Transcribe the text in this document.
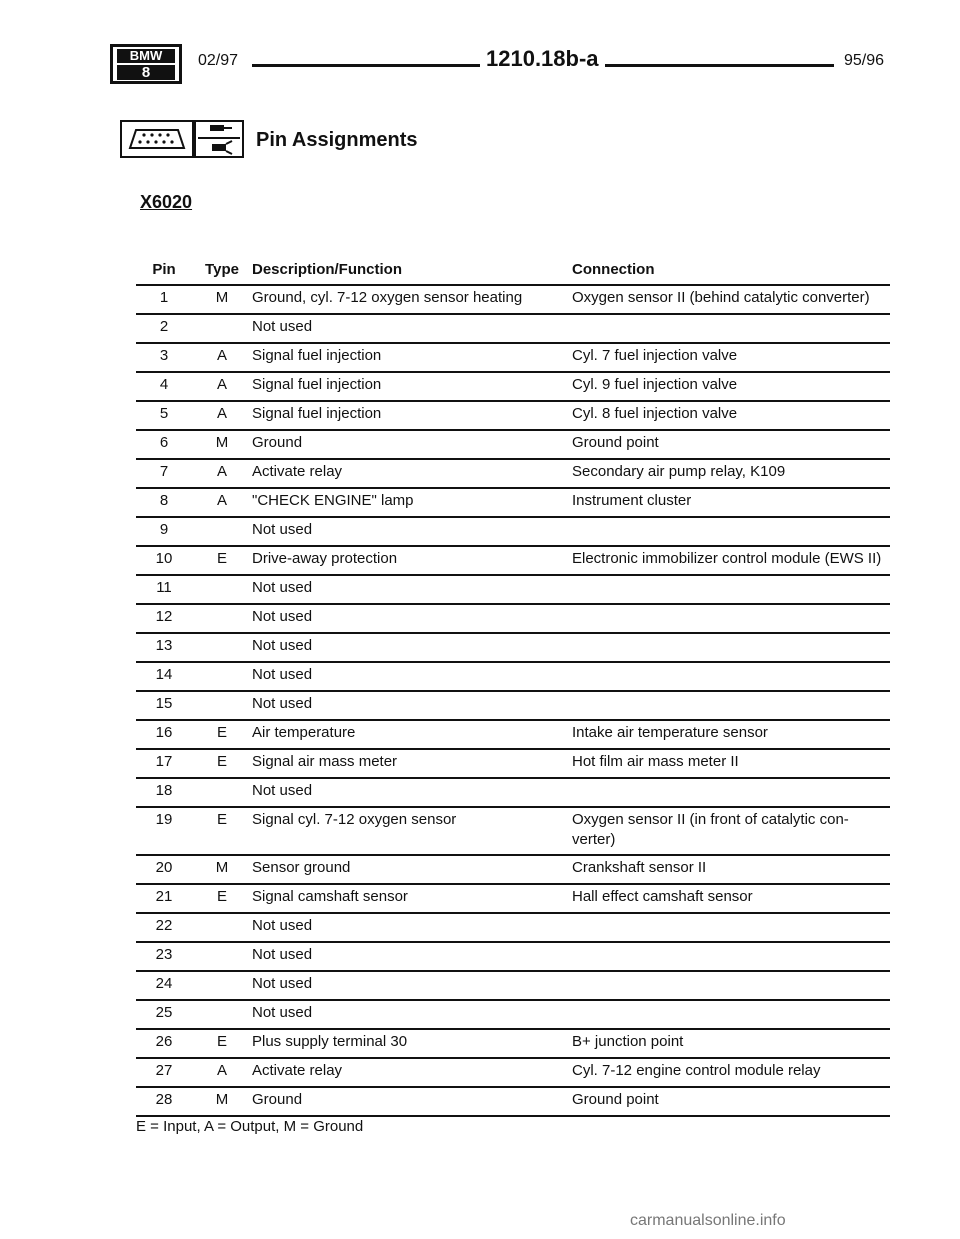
BMW
8
02/97	1210.18b-a	95/96
Pin Assignments
X6020
Pin	Type	Description/Function	Connection
1	M	Ground, cyl. 7-12 oxygen sensor heating	Oxygen sensor II (behind catalytic converter)
2		Not used	
3	A	Signal fuel injection	Cyl. 7 fuel injection valve
4	A	Signal fuel injection	Cyl. 9 fuel injection valve
5	A	Signal fuel injection	Cyl. 8 fuel injection valve
6	M	Ground	Ground point
7	A	Activate relay	Secondary air pump relay, K109
8	A	"CHECK ENGINE" lamp	Instrument cluster
9		Not used	
10	E	Drive-away protection	Electronic immobilizer control module (EWS II)
11		Not used	
12		Not used	
13		Not used	
14		Not used	
15		Not used	
16	E	Air temperature	Intake air temperature sensor
17	E	Signal air mass meter	Hot film air mass meter II
18		Not used	
19	E	Signal cyl. 7-12 oxygen sensor	Oxygen sensor II (in front of catalytic con-verter)
20	M	Sensor ground	Crankshaft sensor II
21	E	Signal camshaft sensor	Hall effect camshaft sensor
22		Not used	
23		Not used	
24		Not used	
25		Not used	
26	E	Plus supply terminal 30	B+ junction point
27	A	Activate relay	Cyl. 7-12 engine control module relay
28	M	Ground	Ground point
E = Input, A = Output, M = Ground
carmanualsonline.info
